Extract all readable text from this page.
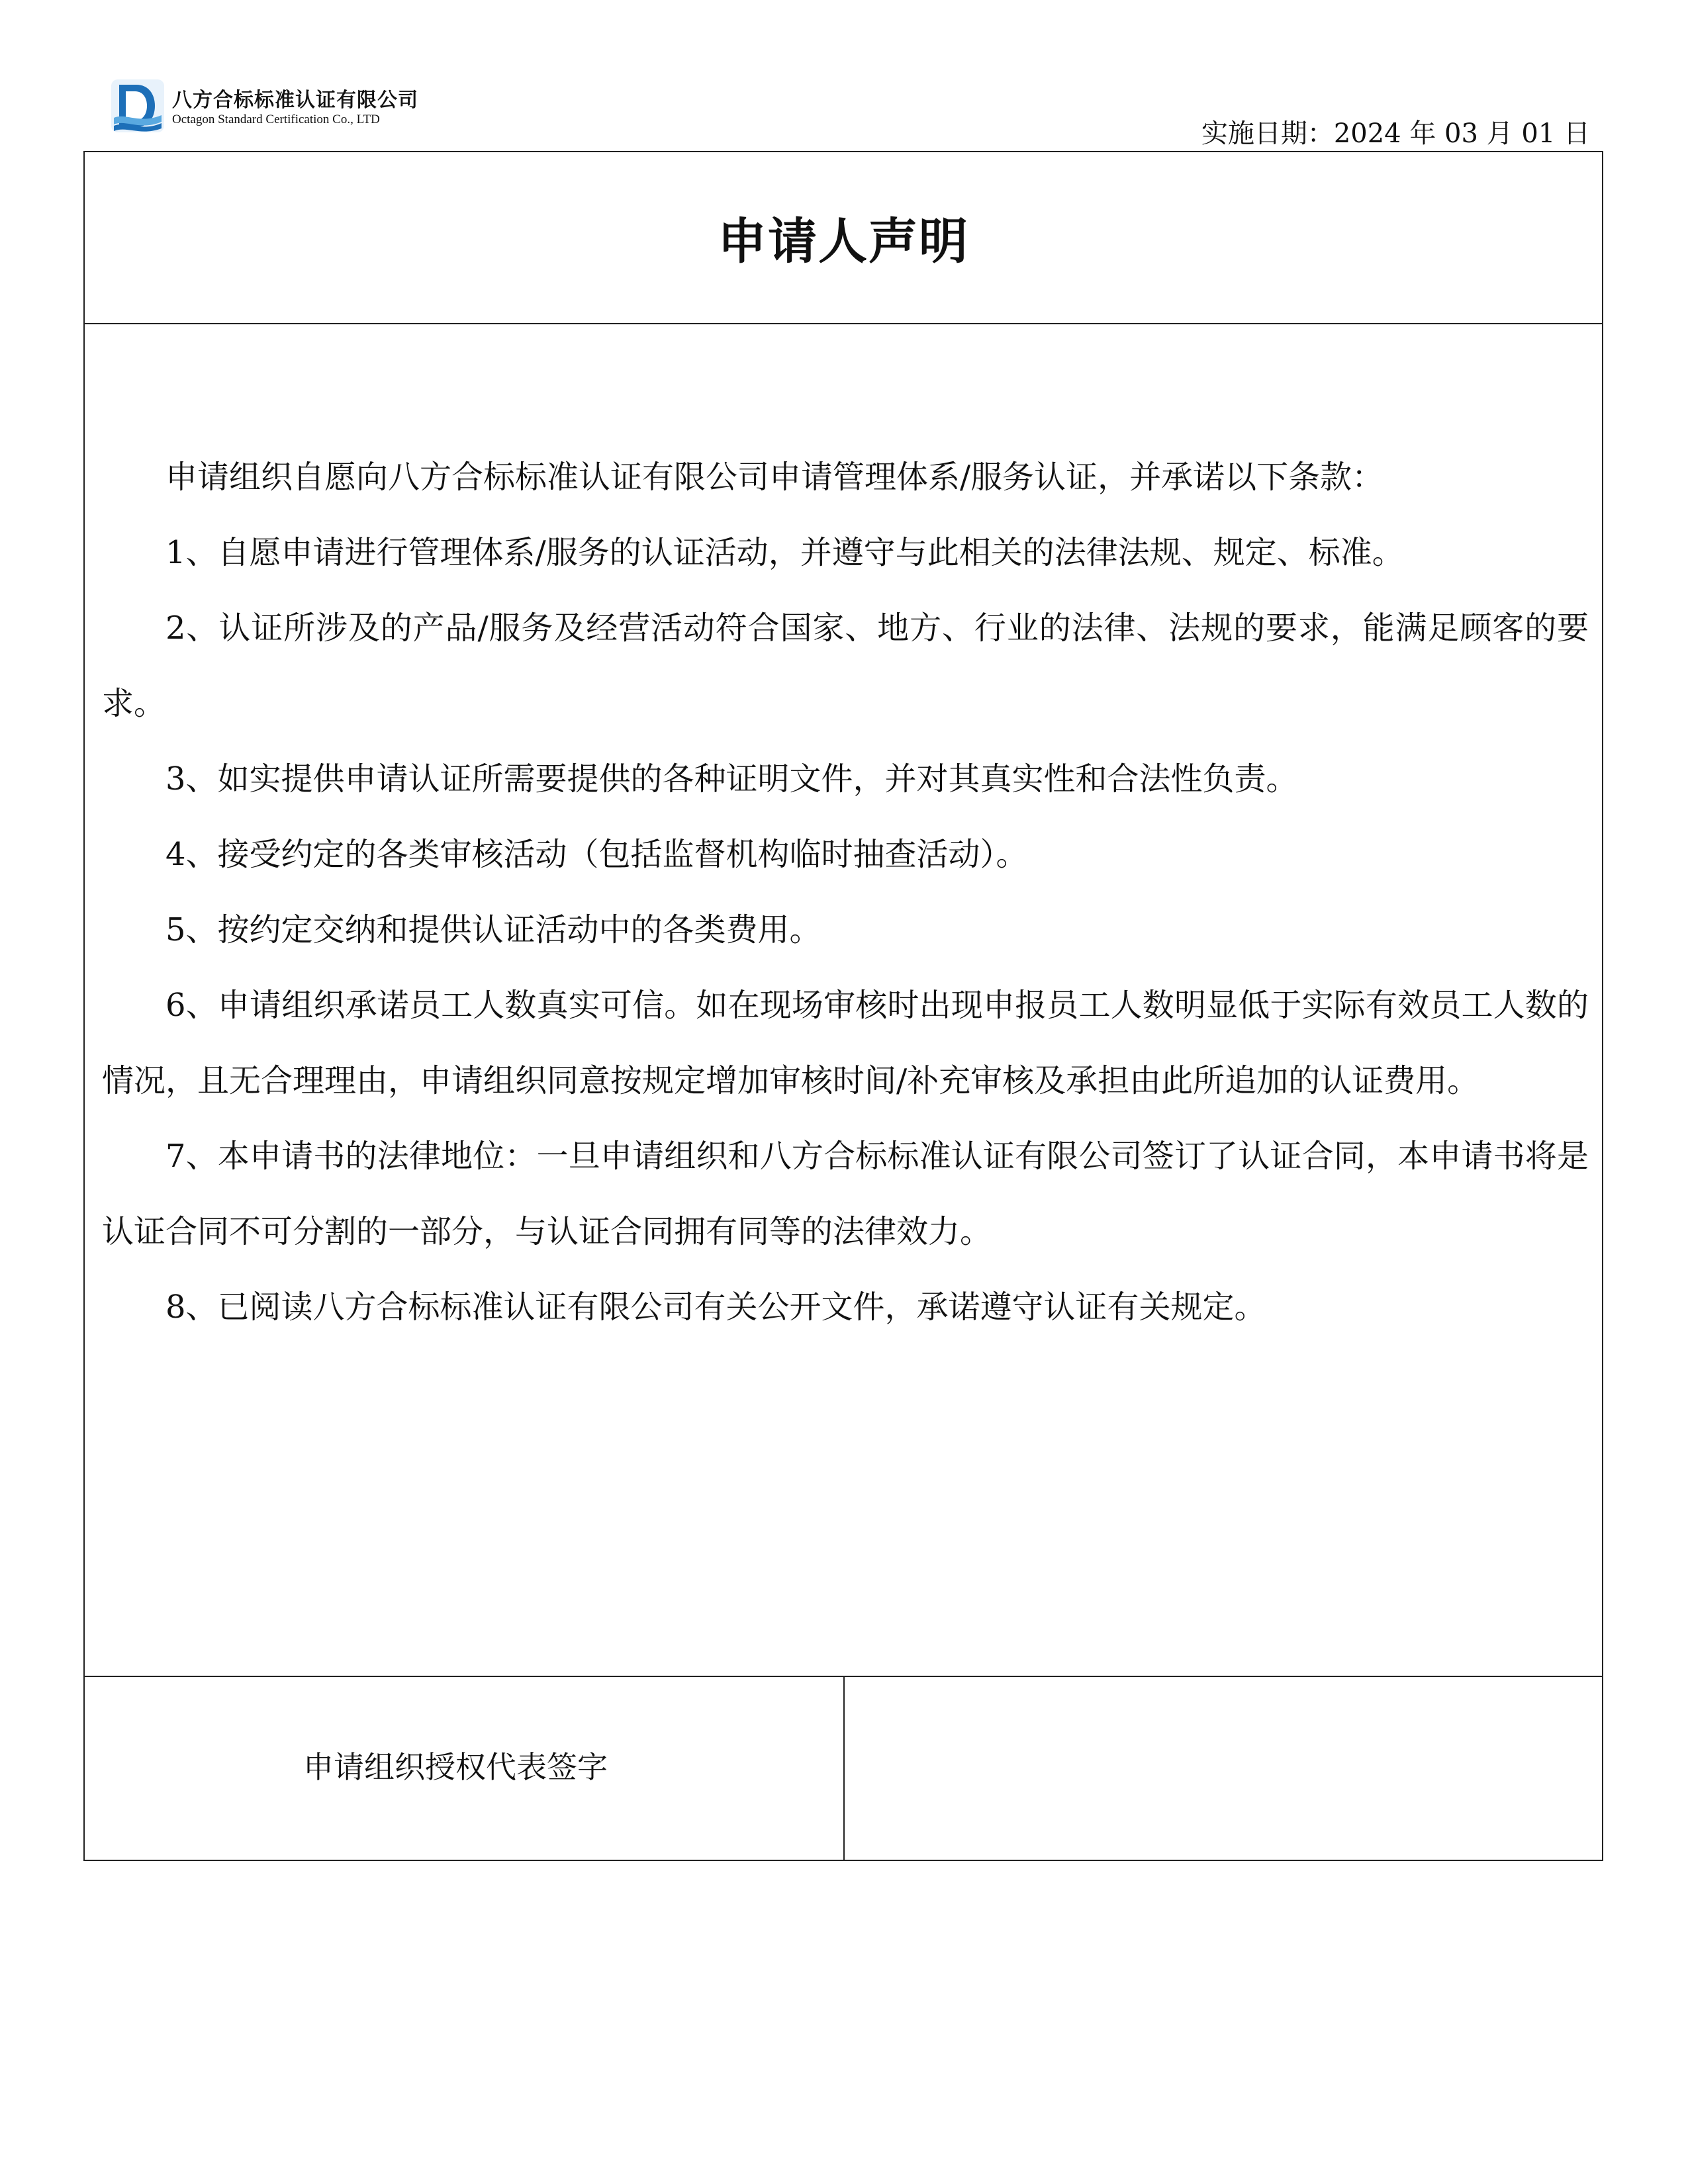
八方合标标准认证有限公司
Octagon Standard Certification Co., LTD	实施日期：2024 年 03 月 01 日
申请人声明

申请组织自愿向八方合标标准认证有限公司申请管理体系/服务认证，并承诺以下条款：

1、自愿申请进行管理体系/服务的认证活动，并遵守与此相关的法律法规、规定、标准。

2、认证所涉及的产品/服务及经营活动符合国家、地方、行业的法律、法规的要求，能满足顾客的要求。

3、如实提供申请认证所需要提供的各种证明文件，并对其真实性和合法性负责。

4、接受约定的各类审核活动（包括监督机构临时抽查活动）。

5、按约定交纳和提供认证活动中的各类费用。

6、申请组织承诺员工人数真实可信。如在现场审核时出现申报员工人数明显低于实际有效员工人数的情况，且无合理理由，申请组织同意按规定增加审核时间/补充审核及承担由此所追加的认证费用。

7、本申请书的法律地位：一旦申请组织和八方合标标准认证有限公司签订了认证合同，本申请书将是认证合同不可分割的一部分，与认证合同拥有同等的法律效力。

8、已阅读八方合标标准认证有限公司有关公开文件，承诺遵守认证有关规定。

申请组织授权代表签字
